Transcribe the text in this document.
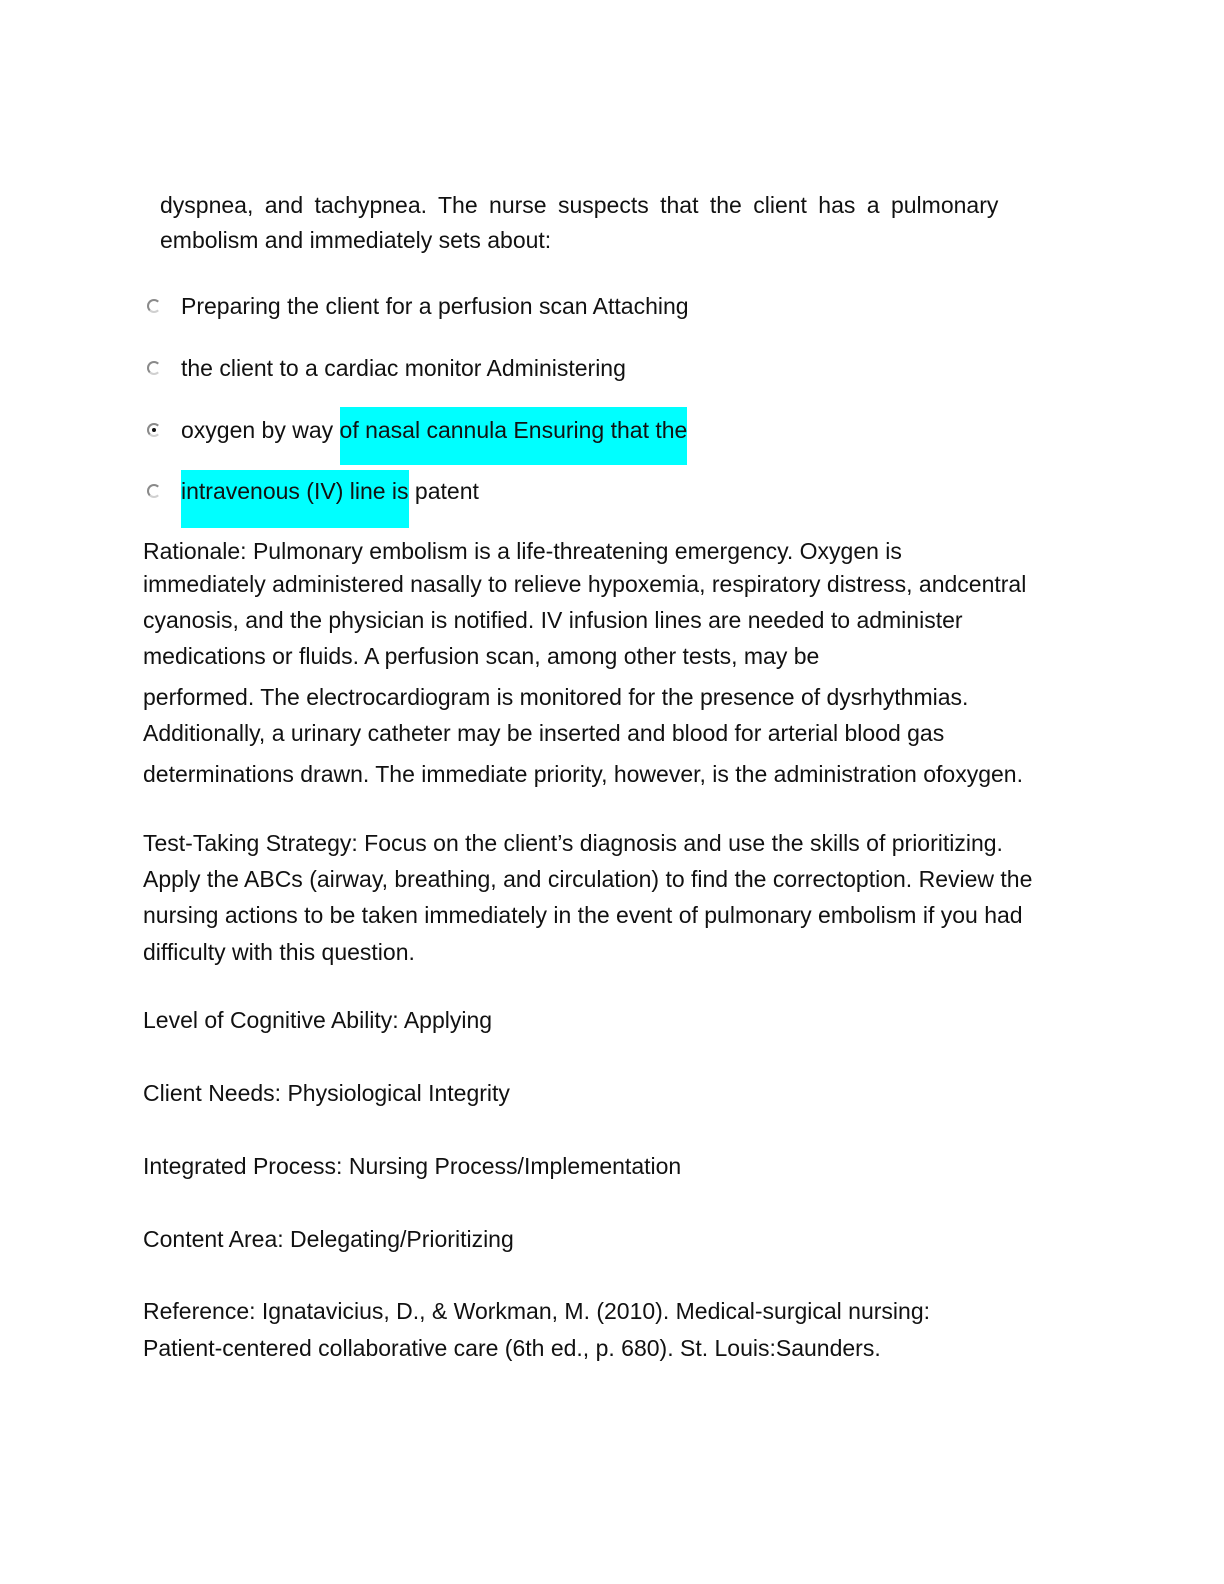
dyspnea, and tachypnea. The nurse suspects that the client has a pulmonary
embolism and immediately sets about:
Preparing the client for a perfusion scan Attaching
the client to a cardiac monitor Administering
oxygen by way of nasal cannula Ensuring that the
intravenous (IV) line is patent
Rationale: Pulmonary embolism is a life-threatening emergency. Oxygen is
immediately administered nasally to relieve hypoxemia, respiratory distress, andcentral
cyanosis, and the physician is notified. IV infusion lines are needed to administer
medications or fluids. A perfusion scan, among other tests, may be
performed. The electrocardiogram is monitored for the presence of dysrhythmias.
Additionally, a urinary catheter may be inserted and blood for arterial blood gas
determinations drawn. The immediate priority, however, is the administration ofoxygen.
Test-Taking Strategy: Focus on the client’s diagnosis and use the skills of prioritizing.
Apply the ABCs (airway, breathing, and circulation) to find the correctoption. Review the
nursing actions to be taken immediately in the event of pulmonary embolism if you had
difficulty with this question.
Level of Cognitive Ability: Applying
Client Needs: Physiological Integrity
Integrated Process: Nursing Process/Implementation
Content Area: Delegating/Prioritizing
Reference: Ignatavicius, D., & Workman, M. (2010). Medical-surgical nursing:
Patient-centered collaborative care (6th ed., p. 680). St. Louis:Saunders.
